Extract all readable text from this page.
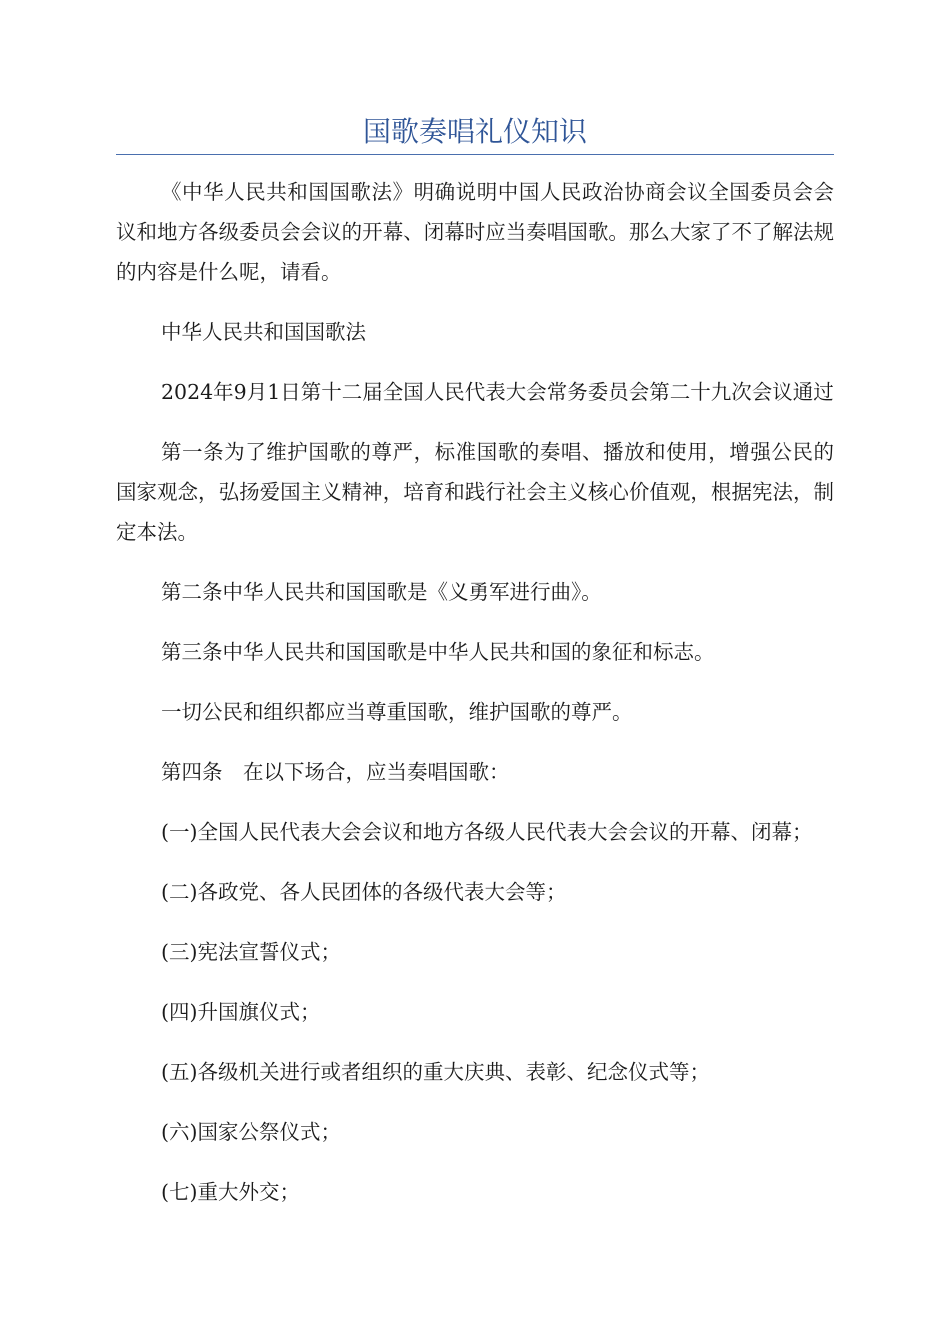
国歌奏唱礼仪知识

《中华人民共和国国歌法》明确说明中国人民政治协商会议全国委员会会议和地方各级委员会会议的开幕、闭幕时应当奏唱国歌。那么大家了不了解法规的内容是什么呢，请看。

中华人民共和国国歌法

2024年9月1日第十二届全国人民代表大会常务委员会第二十九次会议通过

第一条为了维护国歌的尊严，标准国歌的奏唱、播放和使用，增强公民的国家观念，弘扬爱国主义精神，培育和践行社会主义核心价值观，根据宪法，制定本法。

第二条中华人民共和国国歌是《义勇军进行曲》。

第三条中华人民共和国国歌是中华人民共和国的象征和标志。

一切公民和组织都应当尊重国歌，维护国歌的尊严。

第四条　在以下场合，应当奏唱国歌：

(一)全国人民代表大会会议和地方各级人民代表大会会议的开幕、闭幕；

(二)各政党、各人民团体的各级代表大会等；

(三)宪法宣誓仪式；

(四)升国旗仪式；

(五)各级机关进行或者组织的重大庆典、表彰、纪念仪式等；

(六)国家公祭仪式；

(七)重大外交；
